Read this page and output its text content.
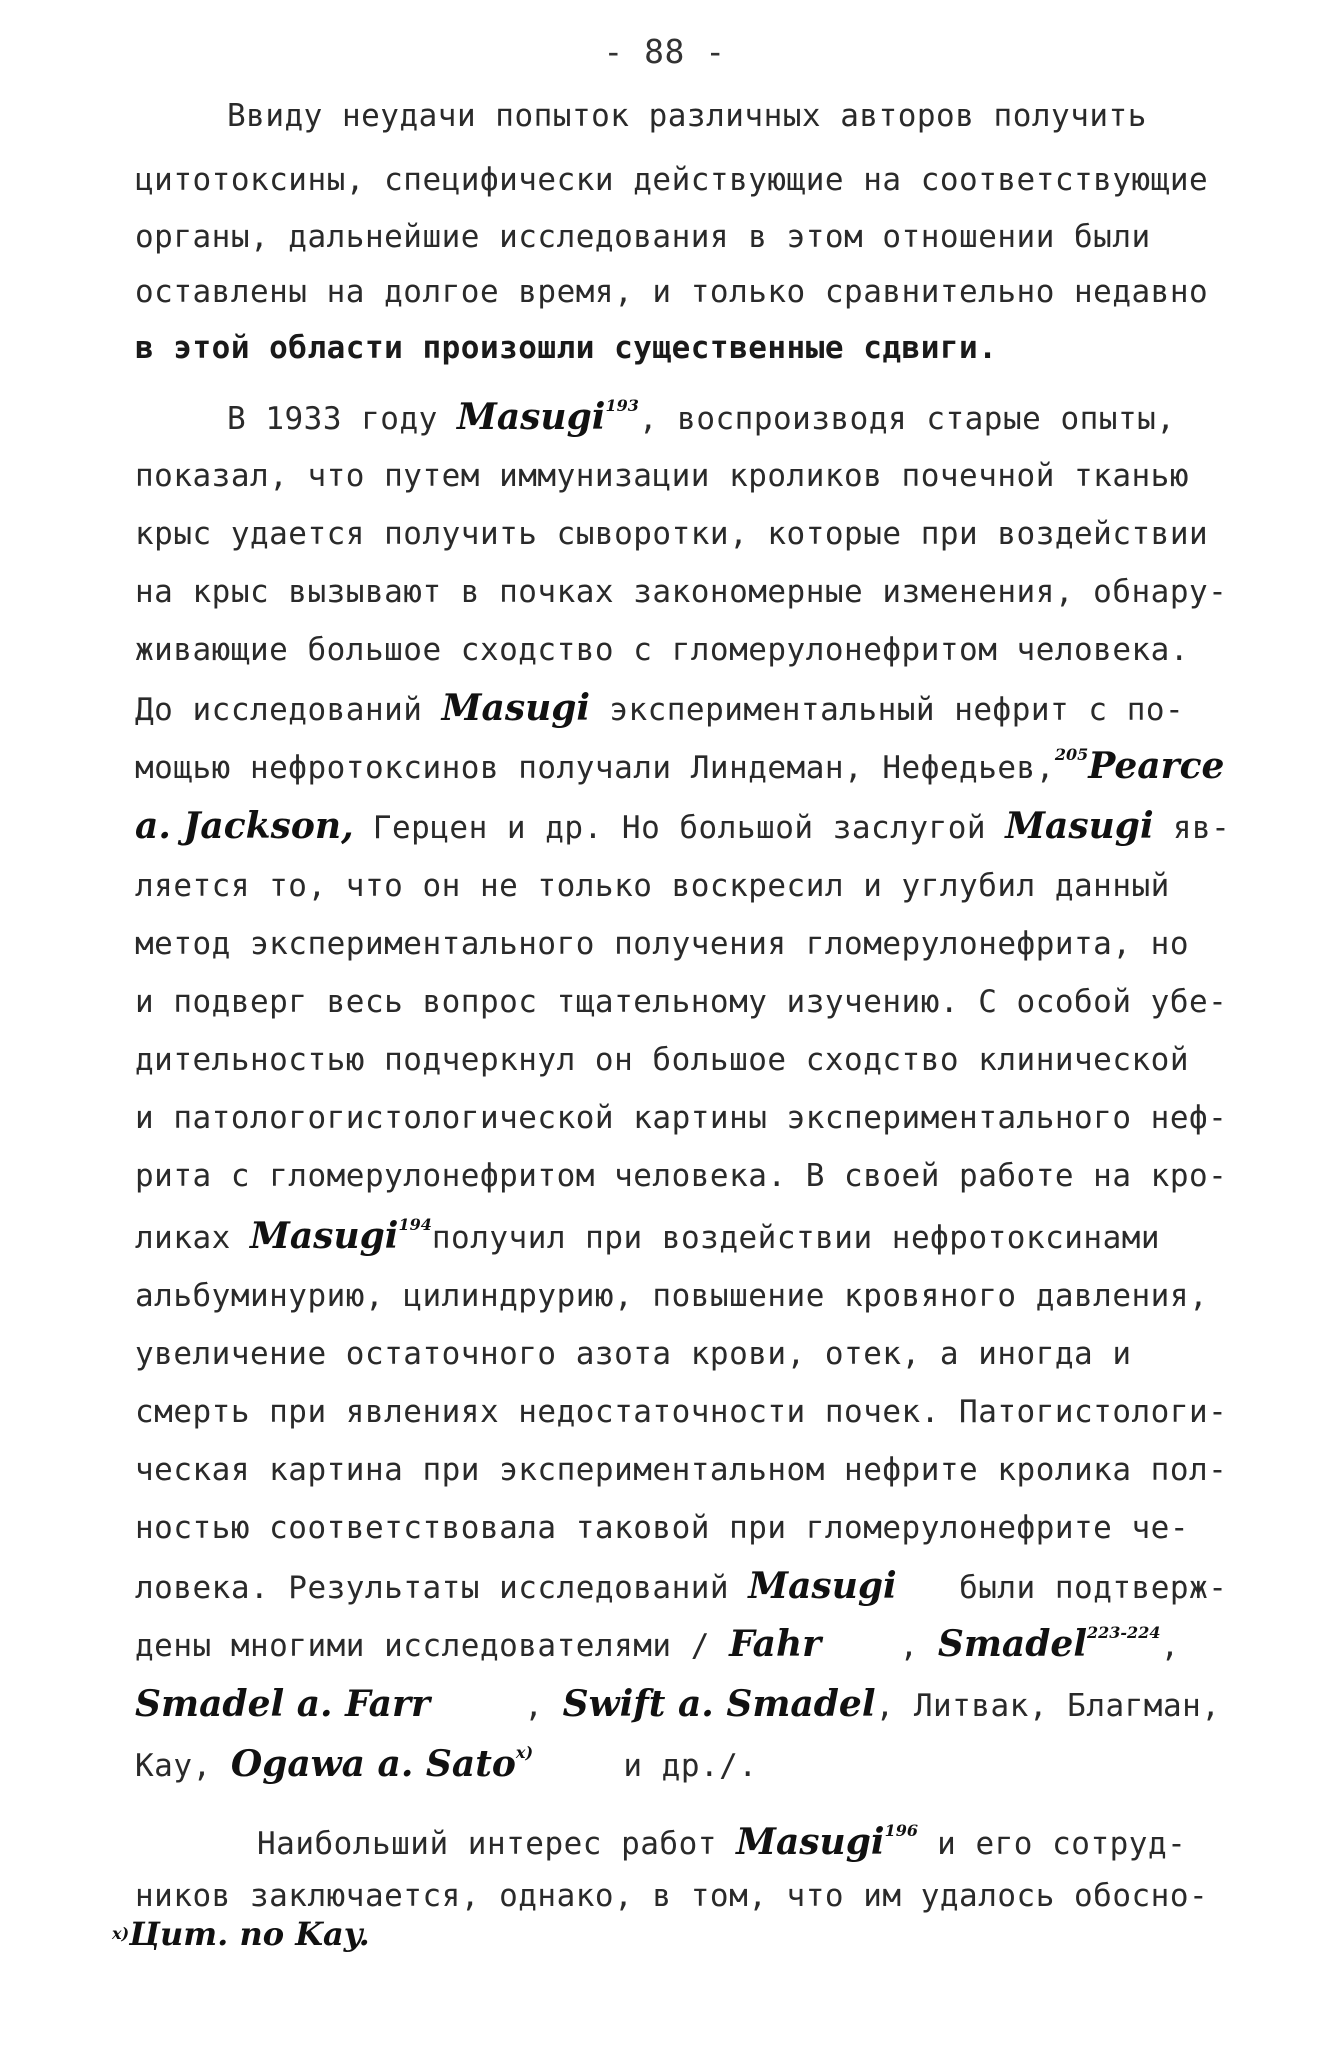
- 88 -
Ввиду неудачи попыток различных авторов получить
цитотоксины, специфически действующие на соответствующие
органы, дальнейшие исследования в этом отношении были
оставлены на долгое время, и только сравнительно недавно
в этой области произошли существенные сдвиги.
В 1933 году Masugi$^{193}$, воспроизводя старые опыты,
показал, что путем иммунизации кроликов почечной тканью
крыс удается получить сыворотки, которые при воздействии
на крыс вызывают в почках закономерные изменения, обнару-
живающие большое сходство с гломерулонефритом человека.
До исследований Masugi экспериментальный нефрит с по-
мощью нефротоксинов получали Линдеман, Нефедьев,$^{205}$Pearce
a. Jackson, Герцен и др. Но большой заслугой Masugi яв-
ляется то, что он не только воскресил и углубил данный
метод экспериментального получения гломерулонефрита, но
и подверг весь вопрос тщательному изучению. С особой убе-
дительностью подчеркнул он большое сходство клинической
и патологогистологической картины экспериментального неф-
рита с гломерулонефритом человека. В своей работе на кро-
ликах Masugi$^{194}$получил при воздействии нефротоксинами
альбуминурию, цилиндрурию, повышение кровяного давления,
увеличение остаточного азота крови, отек, а иногда и
смерть при явлениях недостаточности почек. Патогистологи-
ческая картина при экспериментальном нефрите кролика пол-
ностью соответствовала таковой при гломерулонефрите че-
ловека. Результаты исследований Masugi были подтверж-
дены многими исследователями / Fahr	, Smadel$^{223-224}$,
Smadel a. Farr	, Swift a. Smadel, Литвак, Благман,
Кау, Ogawa a. Sato$^{x)}$	и др./.
Наибольший интерес работ Masugi$^{196}$ и его сотруд-
ников заключается, однако, в том, что им удалось обосно-
x)Цит. по Kay.
